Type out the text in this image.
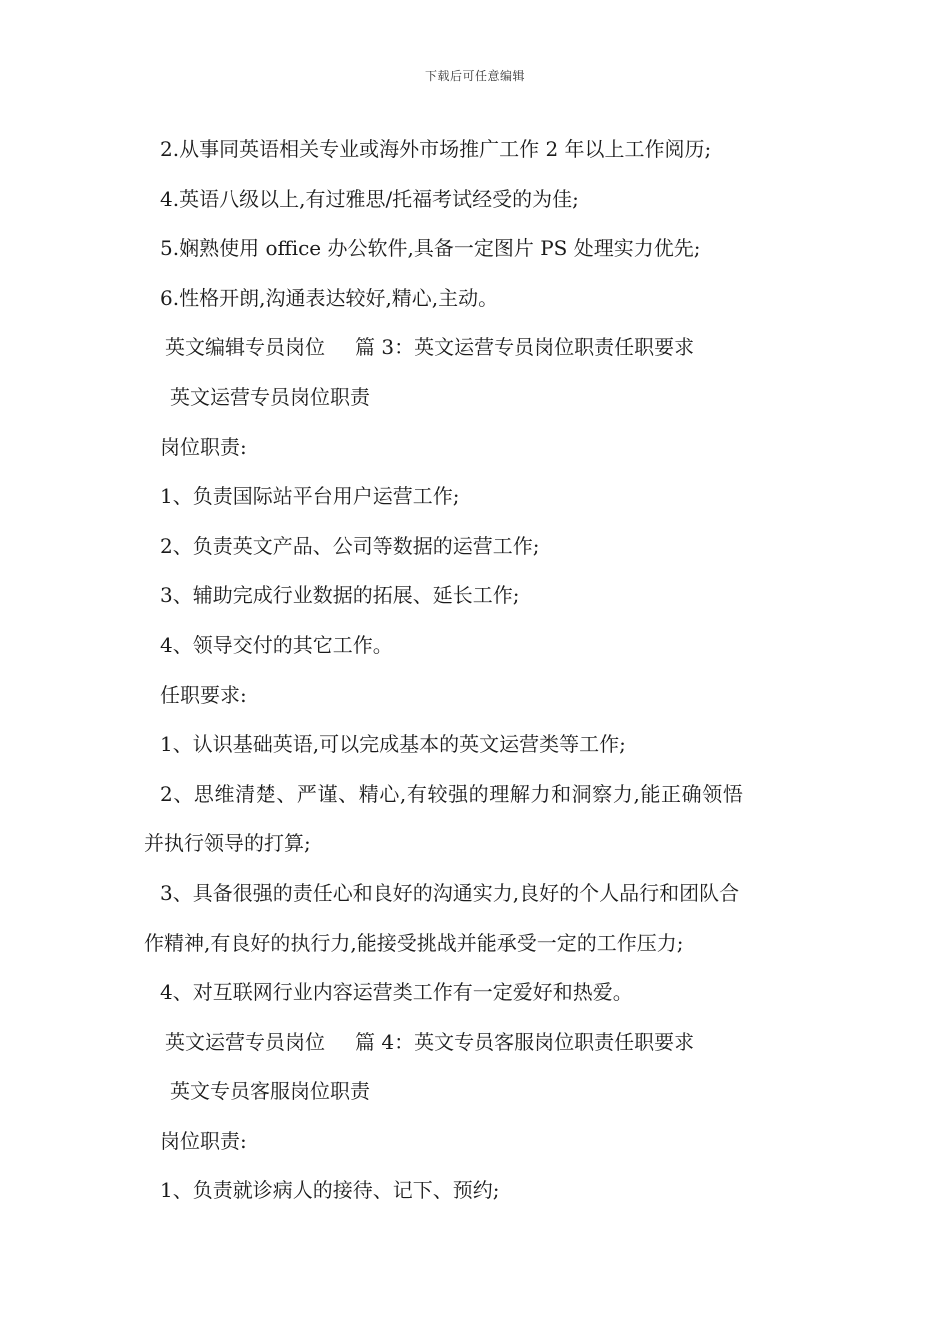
下载后可任意编辑
2.从事同英语相关专业或海外市场推广工作 2 年以上工作阅历;
4.英语八级以上,有过雅思/托福考试经受的为佳;
5.娴熟使用 office 办公软件,具备一定图片 PS 处理实力优先;
6.性格开朗,沟通表达较好,精心,主动。
英文编辑专员岗位 篇 3：英文运营专员岗位职责任职要求
英文运营专员岗位职责
岗位职责:
1、负责国际站平台用户运营工作;
2、负责英文产品、公司等数据的运营工作;
3、辅助完成行业数据的拓展、延长工作;
4、领导交付的其它工作。
任职要求:
1、认识基础英语,可以完成基本的英文运营类等工作;
2、思维清楚、严谨、精心,有较强的理解力和洞察力,能正确领悟
并执行领导的打算;
3、具备很强的责任心和良好的沟通实力,良好的个人品行和团队合
作精神,有良好的执行力,能接受挑战并能承受一定的工作压力;
4、对互联网行业内容运营类工作有一定爱好和热爱。
英文运营专员岗位 篇 4：英文专员客服岗位职责任职要求
英文专员客服岗位职责
岗位职责:
1、负责就诊病人的接待、记下、预约;
